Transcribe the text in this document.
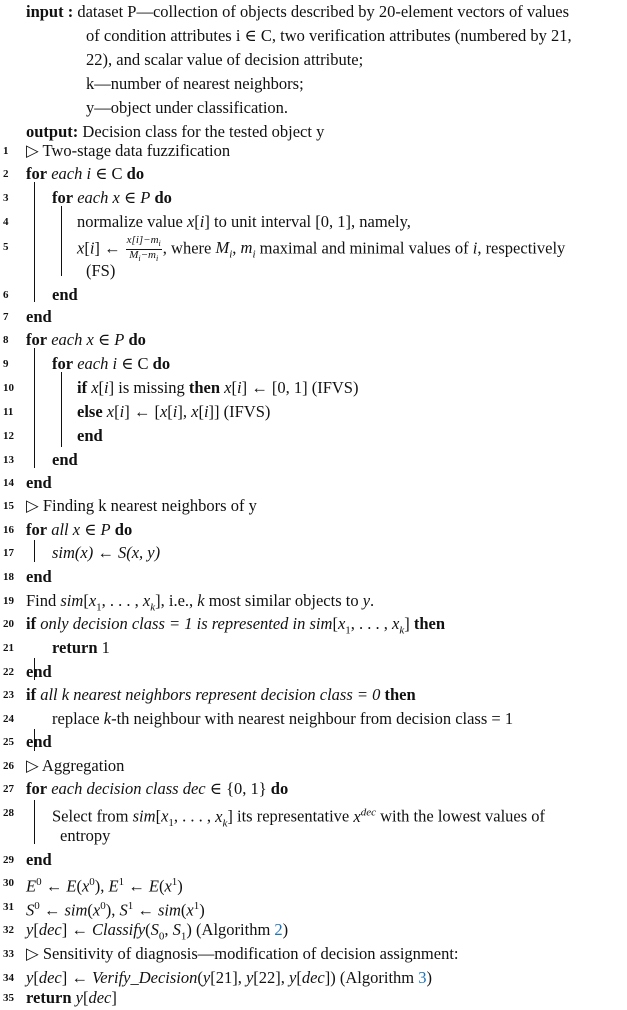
input : dataset P—collection of objects described by 20-element vectors of values
of condition attributes i ∈ C, two verification attributes (numbered by 21,
22), and scalar value of decision attribute;
k—number of nearest neighbors;
y—object under classification.
output: Decision class for the tested object y
1	▷ Two-stage data fuzzification
2	for each i ∈ C do
3	for each x ∈ P do
4	normalize value x[i] to unit interval [0, 1], namely,
5	x[i] ← $\frac{x[i]-m_i}{M_i-m_i}$ , where $M_i$, $m_i$ maximal and minimal values of i, respectively
(FS)
6	end
7	end
8	for each x ∈ P do
9	for each i ∈ C do
10	if x[i] is missing then x[i] ← [0, 1] (IFVS)
11	else x[i] ← [x[i], x[i]] (IFVS)
12	end
13	end
14 end
15 ▷ Finding k nearest neighbors of y
16 for all x ∈ P do
17	sim(x) ← S(x, y)
18 end
19 Find $sim[x_1$, . . . , $x_k$], i.e., k most similar objects to y.
20 if only decision class = 1 is represented in $sim[x_1$, . . . , $x_k$] then
21	return 1
22 end
23 if all k nearest neighbors represent decision class = 0 then
24	replace k-th neighbour with nearest neighbour from decision class = 1
25 end
26 ▷ Aggregation
27 for each decision class dec ∈ {0, 1} do
28	Select from $sim[x_1$, . . . , $x_k$] its representative $x^{dec}$ with the lowest values of
entropy
29 end
30 $E^0$ ← $E(x^0)$, $E^1$ ← $E(x^1)$
31 $S^0$ ← $sim(x^0)$, $S^1$ ← $sim(x^1)$
32 y[dec] ← $Classify(S_0$, $S_1$) (Algorithm 2)
33 ▷ Sensitivity of diagnosis—modification of decision assignment:
34 y[dec] ← Verify_Decision(y[21], y[22], y[dec]) (Algorithm 3)
35 return y[dec]
